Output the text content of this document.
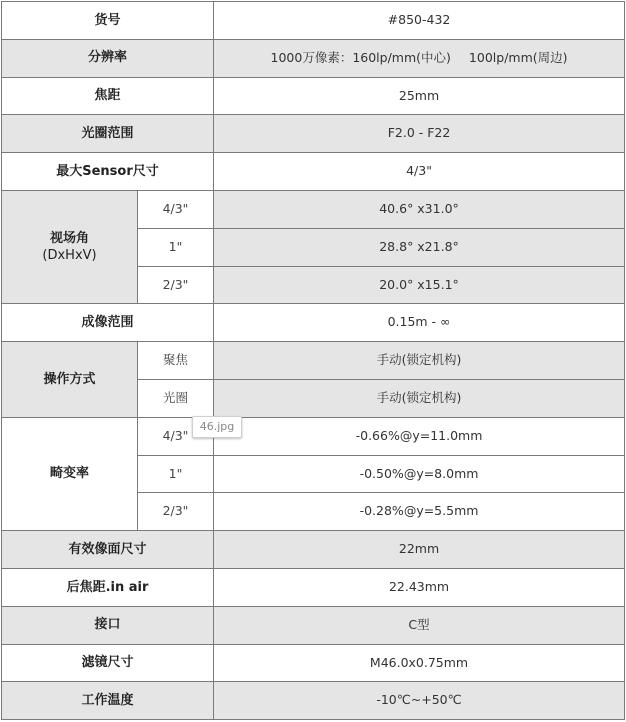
货号		#850-432
分辨率		1000万像素：160lp/mm(中心) 100lp/mm(周边)
焦距		25mm
光圈范围		F2.0 - F22
最大Sensor尺寸		4/3"

视场角
(DxHxV)	4/3"	40.6° x31.0°
	1"	28.8° x21.8°
	2/3"	20.0° x15.1°
成像范围		0.15m - ∞
操作方式	聚焦	手动(锁定机构)
	光圈	手动(锁定机构)
畸变率	4/3"	-0.66%@y=11.0mm
	1"	-0.50%@y=8.0mm
	2/3"	-0.28%@y=5.5mm
有效像面尺寸		22mm
后焦距.in air		22.43mm
接口		C型
滤镜尺寸		M46.0x0.75mm
工作温度		-10℃~+50℃
46.jpg
